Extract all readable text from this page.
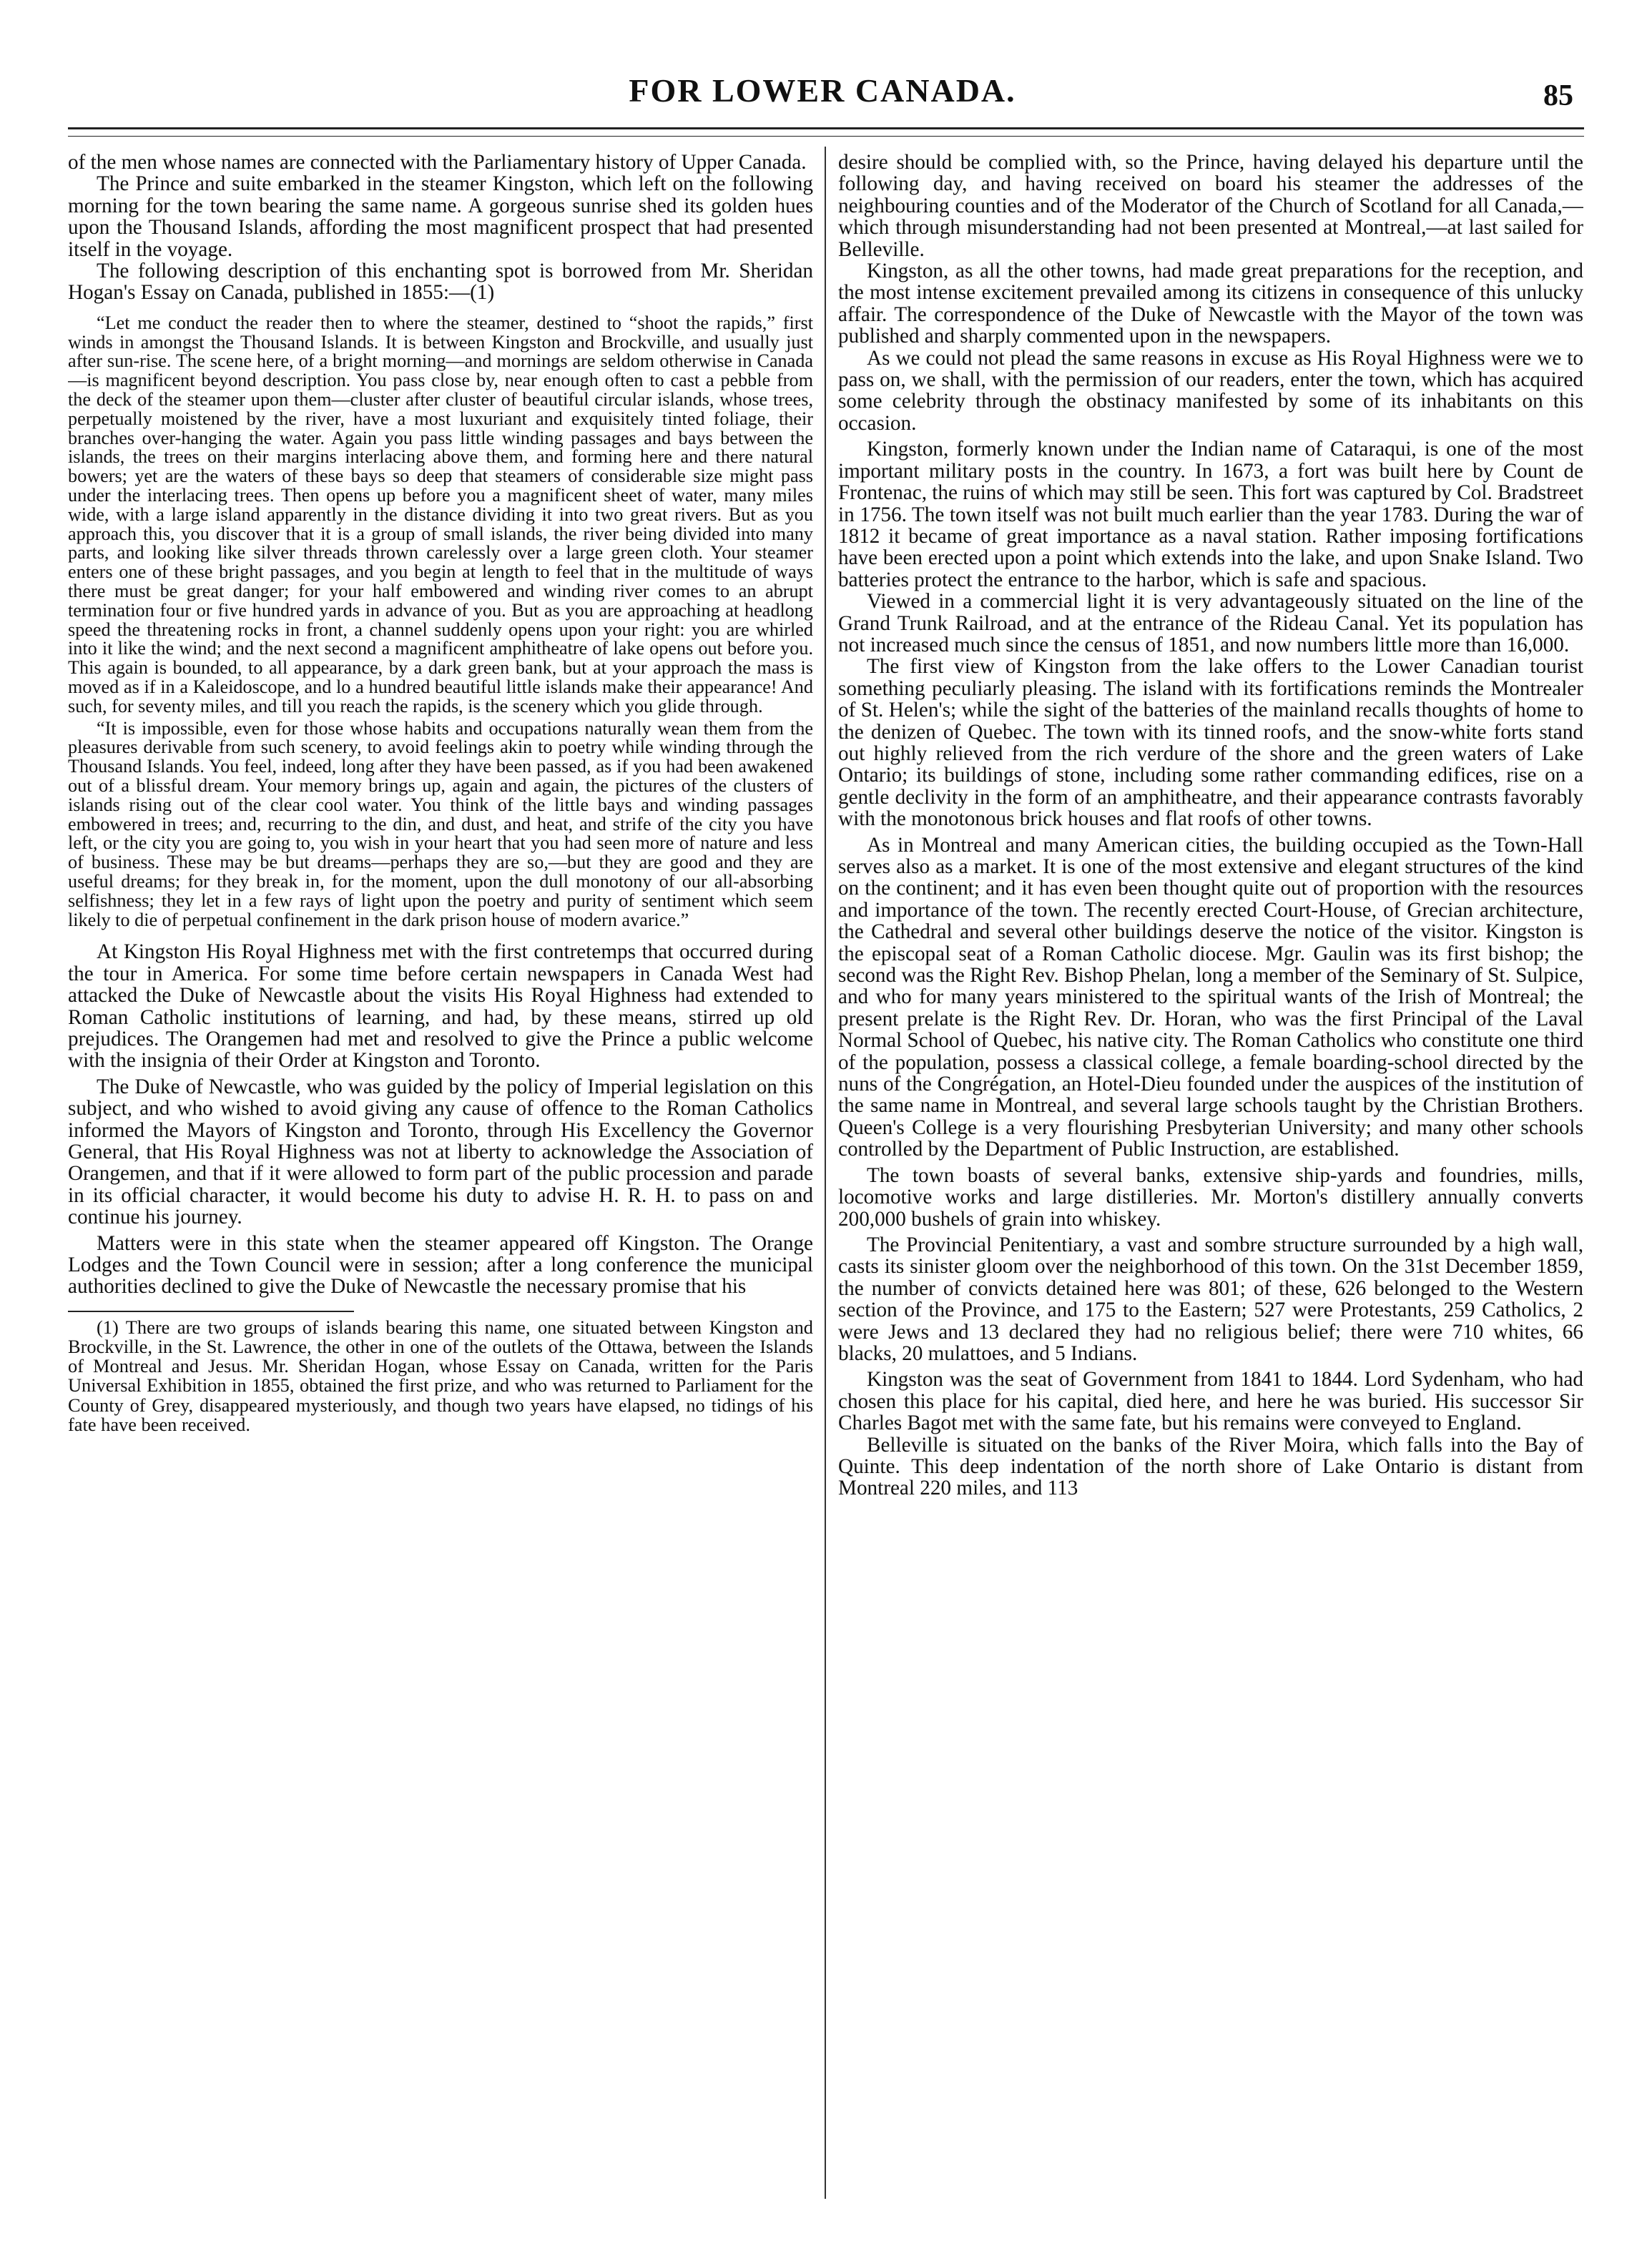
FOR LOWER CANADA.	85

of the men whose names are connected with the Parliamentary history of Upper Canada.

The Prince and suite embarked in the steamer Kingston, which left on the following morning for the town bearing the same name. A gorgeous sunrise shed its golden hues upon the Thousand Islands, affording the most magnificent prospect that had presented itself in the voyage.

The following description of this enchanting spot is borrowed from Mr. Sheridan Hogan's Essay on Canada, published in 1855:—(1)

“Let me conduct the reader then to where the steamer, destined to “shoot the rapids,” first winds in amongst the Thousand Islands. It is between Kingston and Brockville, and usually just after sun-rise. The scene here, of a bright morning—and mornings are seldom otherwise in Canada—is magnificent beyond description. You pass close by, near enough often to cast a pebble from the deck of the steamer upon them—cluster after cluster of beautiful circular islands, whose trees, perpetually moistened by the river, have a most luxuriant and exquisitely tinted foliage, their branches over-hanging the water. Again you pass little winding passages and bays between the islands, the trees on their margins interlacing above them, and forming here and there natural bowers; yet are the waters of these bays so deep that steamers of considerable size might pass under the interlacing trees. Then opens up before you a magnificent sheet of water, many miles wide, with a large island apparently in the distance dividing it into two great rivers. But as you approach this, you discover that it is a group of small islands, the river being divided into many parts, and looking like silver threads thrown carelessly over a large green cloth. Your steamer enters one of these bright passages, and you begin at length to feel that in the multitude of ways there must be great danger; for your half embowered and winding river comes to an abrupt termination four or five hundred yards in advance of you. But as you are approaching at headlong speed the threatening rocks in front, a channel suddenly opens upon your right: you are whirled into it like the wind; and the next second a magnificent amphitheatre of lake opens out before you. This again is bounded, to all appearance, by a dark green bank, but at your approach the mass is moved as if in a Kaleidoscope, and lo a hundred beautiful little islands make their appearance! And such, for seventy miles, and till you reach the rapids, is the scenery which you glide through.

“It is impossible, even for those whose habits and occupations naturally wean them from the pleasures derivable from such scenery, to avoid feelings akin to poetry while winding through the Thousand Islands. You feel, indeed, long after they have been passed, as if you had been awakened out of a blissful dream. Your memory brings up, again and again, the pictures of the clusters of islands rising out of the clear cool water. You think of the little bays and winding passages embowered in trees; and, recurring to the din, and dust, and heat, and strife of the city you have left, or the city you are going to, you wish in your heart that you had seen more of nature and less of business. These may be but dreams—perhaps they are so,—but they are good and they are useful dreams; for they break in, for the moment, upon the dull monotony of our all-absorbing selfishness; they let in a few rays of light upon the poetry and purity of sentiment which seem likely to die of perpetual confinement in the dark prison house of modern avarice.”

At Kingston His Royal Highness met with the first contretemps that occurred during the tour in America. For some time before certain newspapers in Canada West had attacked the Duke of Newcastle about the visits His Royal Highness had extended to Roman Catholic institutions of learning, and had, by these means, stirred up old prejudices. The Orangemen had met and resolved to give the Prince a public welcome with the insignia of their Order at Kingston and Toronto.

The Duke of Newcastle, who was guided by the policy of Imperial legislation on this subject, and who wished to avoid giving any cause of offence to the Roman Catholics informed the Mayors of Kingston and Toronto, through His Excellency the Governor General, that His Royal Highness was not at liberty to acknowledge the Association of Orangemen, and that if it were allowed to form part of the public procession and parade in its official character, it would become his duty to advise H. R. H. to pass on and continue his journey.

Matters were in this state when the steamer appeared off Kingston. The Orange Lodges and the Town Council were in session; after a long conference the municipal authorities declined to give the Duke of Newcastle the necessary promise that his

(1) There are two groups of islands bearing this name, one situated between Kingston and Brockville, in the St. Lawrence, the other in one of the outlets of the Ottawa, between the Islands of Montreal and Jesus. Mr. Sheridan Hogan, whose Essay on Canada, written for the Paris Universal Exhibition in 1855, obtained the first prize, and who was returned to Parliament for the County of Grey, disappeared mysteriously, and though two years have elapsed, no tidings of his fate have been received.

desire should be complied with, so the Prince, having delayed his departure until the following day, and having received on board his steamer the addresses of the neighbouring counties and of the Moderator of the Church of Scotland for all Canada,—which through misunderstanding had not been presented at Montreal,—at last sailed for Belleville.

Kingston, as all the other towns, had made great preparations for the reception, and the most intense excitement prevailed among its citizens in consequence of this unlucky affair. The correspondence of the Duke of Newcastle with the Mayor of the town was published and sharply commented upon in the newspapers.

As we could not plead the same reasons in excuse as His Royal Highness were we to pass on, we shall, with the permission of our readers, enter the town, which has acquired some celebrity through the obstinacy manifested by some of its inhabitants on this occasion.

Kingston, formerly known under the Indian name of Cataraqui, is one of the most important military posts in the country. In 1673, a fort was built here by Count de Frontenac, the ruins of which may still be seen. This fort was captured by Col. Bradstreet in 1756. The town itself was not built much earlier than the year 1783. During the war of 1812 it became of great importance as a naval station. Rather imposing fortifications have been erected upon a point which extends into the lake, and upon Snake Island. Two batteries protect the entrance to the harbor, which is safe and spacious.

Viewed in a commercial light it is very advantageously situated on the line of the Grand Trunk Railroad, and at the entrance of the Rideau Canal. Yet its population has not increased much since the census of 1851, and now numbers little more than 16,000.

The first view of Kingston from the lake offers to the Lower Canadian tourist something peculiarly pleasing. The island with its fortifications reminds the Montrealer of St. Helen's; while the sight of the batteries of the mainland recalls thoughts of home to the denizen of Quebec. The town with its tinned roofs, and the snow-white forts stand out highly relieved from the rich verdure of the shore and the green waters of Lake Ontario; its buildings of stone, including some rather commanding edifices, rise on a gentle declivity in the form of an amphitheatre, and their appearance contrasts favorably with the monotonous brick houses and flat roofs of other towns.

As in Montreal and many American cities, the building occupied as the Town-Hall serves also as a market. It is one of the most extensive and elegant structures of the kind on the continent; and it has even been thought quite out of proportion with the resources and importance of the town. The recently erected Court-House, of Grecian architecture, the Cathedral and several other buildings deserve the notice of the visitor. Kingston is the episcopal seat of a Roman Catholic diocese. Mgr. Gaulin was its first bishop; the second was the Right Rev. Bishop Phelan, long a member of the Seminary of St. Sulpice, and who for many years ministered to the spiritual wants of the Irish of Montreal; the present prelate is the Right Rev. Dr. Horan, who was the first Principal of the Laval Normal School of Quebec, his native city. The Roman Catholics who constitute one third of the population, possess a classical college, a female boarding-school directed by the nuns of the Congrégation, an Hotel-Dieu founded under the auspices of the institution of the same name in Montreal, and several large schools taught by the Christian Brothers. Queen's College is a very flourishing Presbyterian University; and many other schools controlled by the Department of Public Instruction, are established.

The town boasts of several banks, extensive ship-yards and foundries, mills, locomotive works and large distilleries. Mr. Morton's distillery annually converts 200,000 bushels of grain into whiskey.

The Provincial Penitentiary, a vast and sombre structure surrounded by a high wall, casts its sinister gloom over the neighborhood of this town. On the 31st December 1859, the number of convicts detained here was 801; of these, 626 belonged to the Western section of the Province, and 175 to the Eastern; 527 were Protestants, 259 Catholics, 2 were Jews and 13 declared they had no religious belief; there were 710 whites, 66 blacks, 20 mulattoes, and 5 Indians.

Kingston was the seat of Government from 1841 to 1844. Lord Sydenham, who had chosen this place for his capital, died here, and here he was buried. His successor Sir Charles Bagot met with the same fate, but his remains were conveyed to England.

Belleville is situated on the banks of the River Moira, which falls into the Bay of Quinte. This deep indentation of the north shore of Lake Ontario is distant from Montreal 220 miles, and 113
